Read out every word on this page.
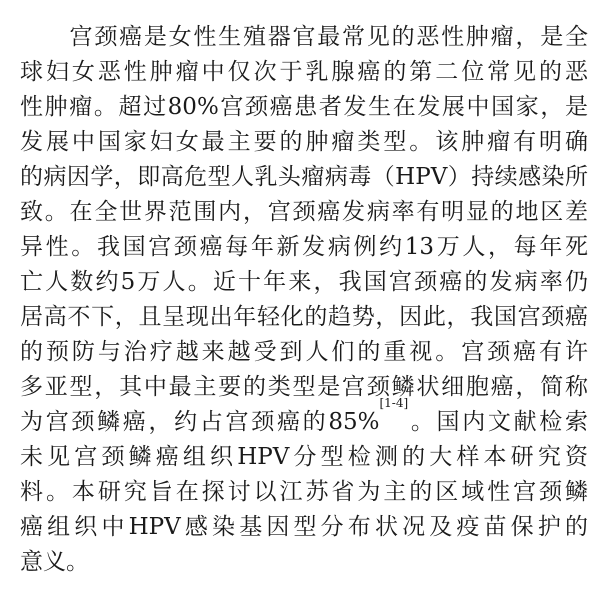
　　宫颈癌是女性生殖器官最常见的恶性肿瘤，是全
球妇女恶性肿瘤中仅次于乳腺癌的第二位常见的恶
性肿瘤。超过80%宫颈癌患者发生在发展中国家，是
发展中国家妇女最主要的肿瘤类型。该肿瘤有明确
的病因学，即高危型人乳头瘤病毒（HPV）持续感染所
致。在全世界范围内，宫颈癌发病率有明显的地区差
异性。我国宫颈癌每年新发病例约13万人，每年死
亡人数约5万人。近十年来，我国宫颈癌的发病率仍
居高不下，且呈现出年轻化的趋势，因此，我国宫颈癌
的预防与治疗越来越受到人们的重视。宫颈癌有许
多亚型，其中最主要的类型是宫颈鳞状细胞癌，简称
为宫颈鳞癌，约占宫颈癌的85%[1-4]。国内文献检索
未见宫颈鳞癌组织HPV分型检测的大样本研究资
料。本研究旨在探讨以江苏省为主的区域性宫颈鳞
癌组织中HPV感染基因型分布状况及疫苗保护的
意义。
